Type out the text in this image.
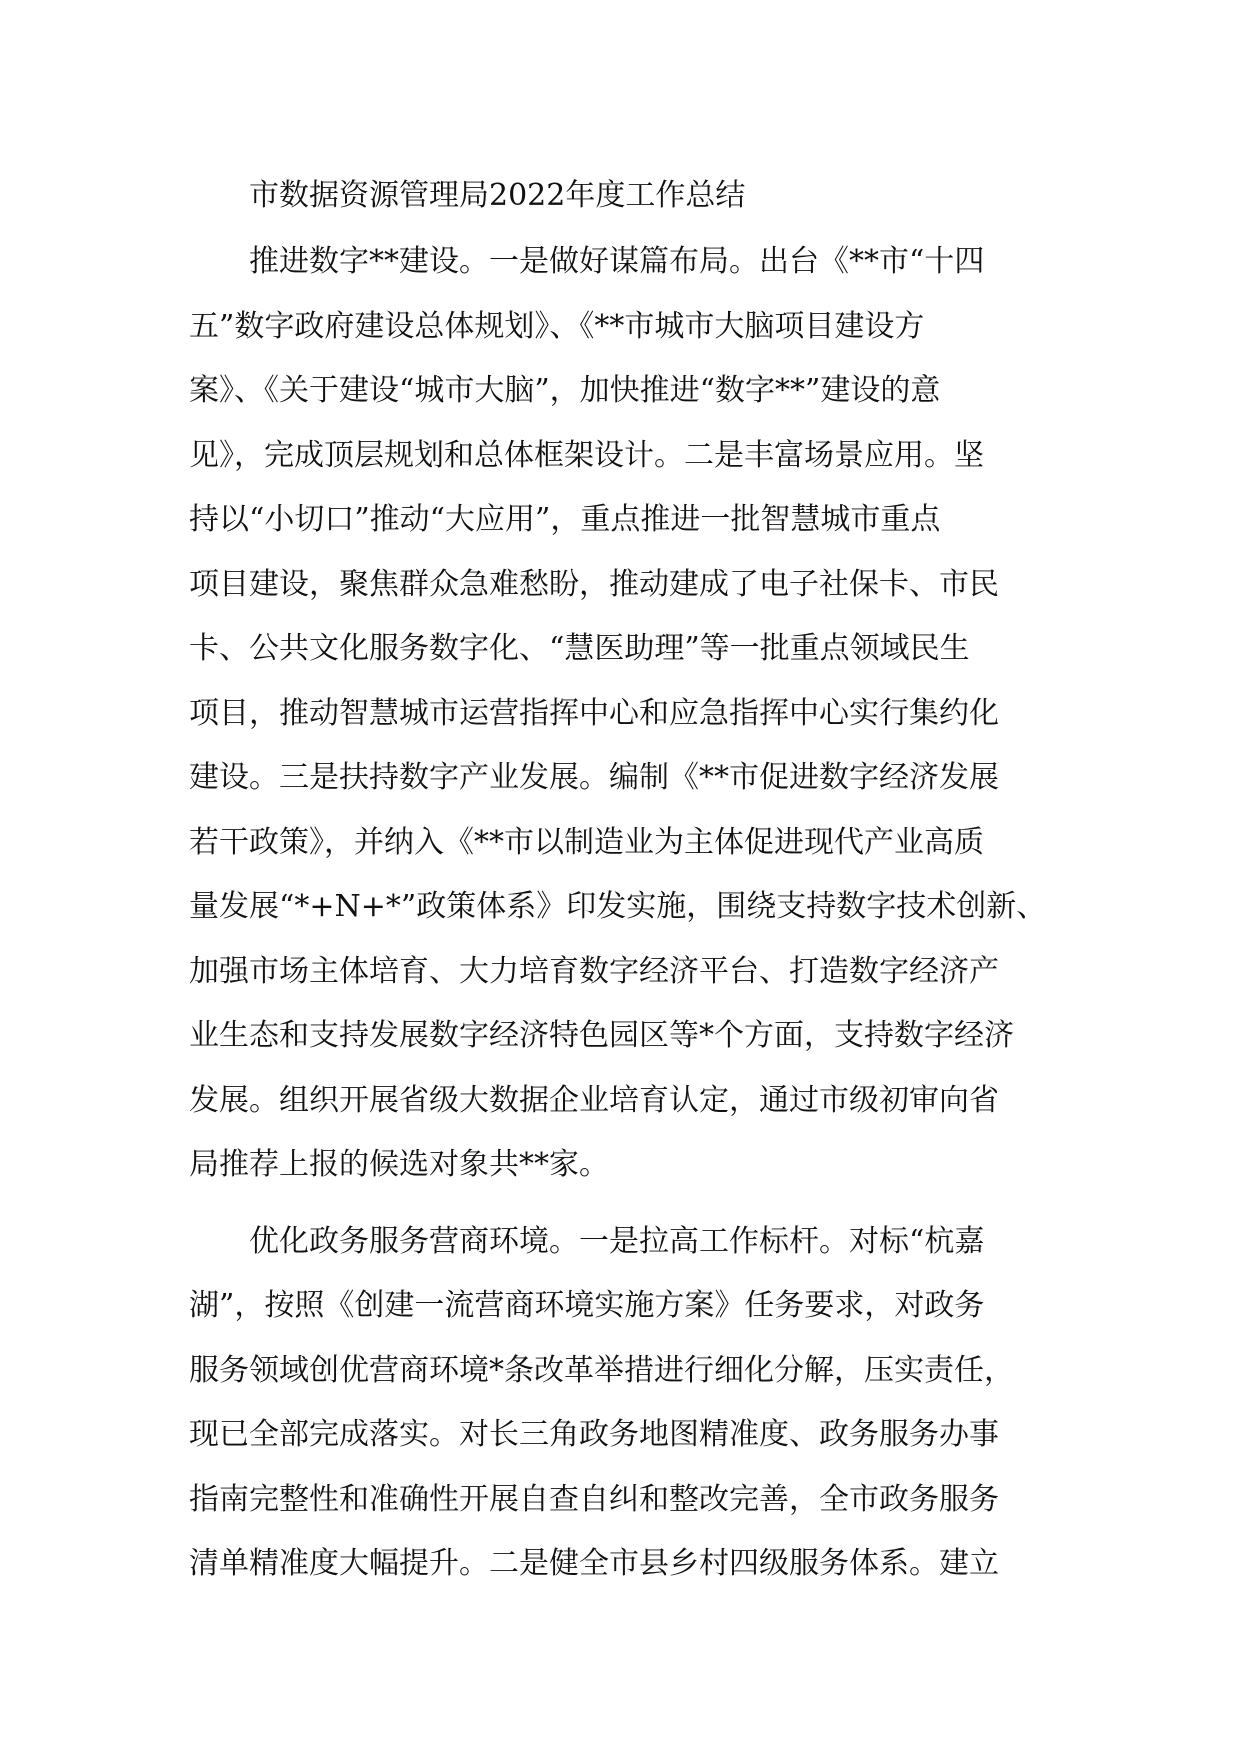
市数据资源管理局2022年度工作总结
推进数字**建设。一是做好谋篇布局。出台《**市“十四
五”数字政府建设总体规划》、《**市城市大脑项目建设方
案》、《关于建设“城市大脑”，加快推进“数字**”建设的意
见》，完成顶层规划和总体框架设计。二是丰富场景应用。坚
持以“小切口”推动“大应用”，重点推进一批智慧城市重点
项目建设，聚焦群众急难愁盼，推动建成了电子社保卡、市民
卡、公共文化服务数字化、“慧医助理”等一批重点领域民生
项目，推动智慧城市运营指挥中心和应急指挥中心实行集约化
建设。三是扶持数字产业发展。编制《**市促进数字经济发展
若干政策》，并纳入《**市以制造业为主体促进现代产业高质
量发展“*+N+*”政策体系》印发实施，围绕支持数字技术创新、
加强市场主体培育、大力培育数字经济平台、打造数字经济产
业生态和支持发展数字经济特色园区等*个方面，支持数字经济
发展。组织开展省级大数据企业培育认定，通过市级初审向省
局推荐上报的候选对象共**家。
优化政务服务营商环境。一是拉高工作标杆。对标“杭嘉
湖”，按照《创建一流营商环境实施方案》任务要求，对政务
服务领域创优营商环境*条改革举措进行细化分解，压实责任，
现已全部完成落实。对长三角政务地图精准度、政务服务办事
指南完整性和准确性开展自查自纠和整改完善，全市政务服务
清单精准度大幅提升。二是健全市县乡村四级服务体系。建立
